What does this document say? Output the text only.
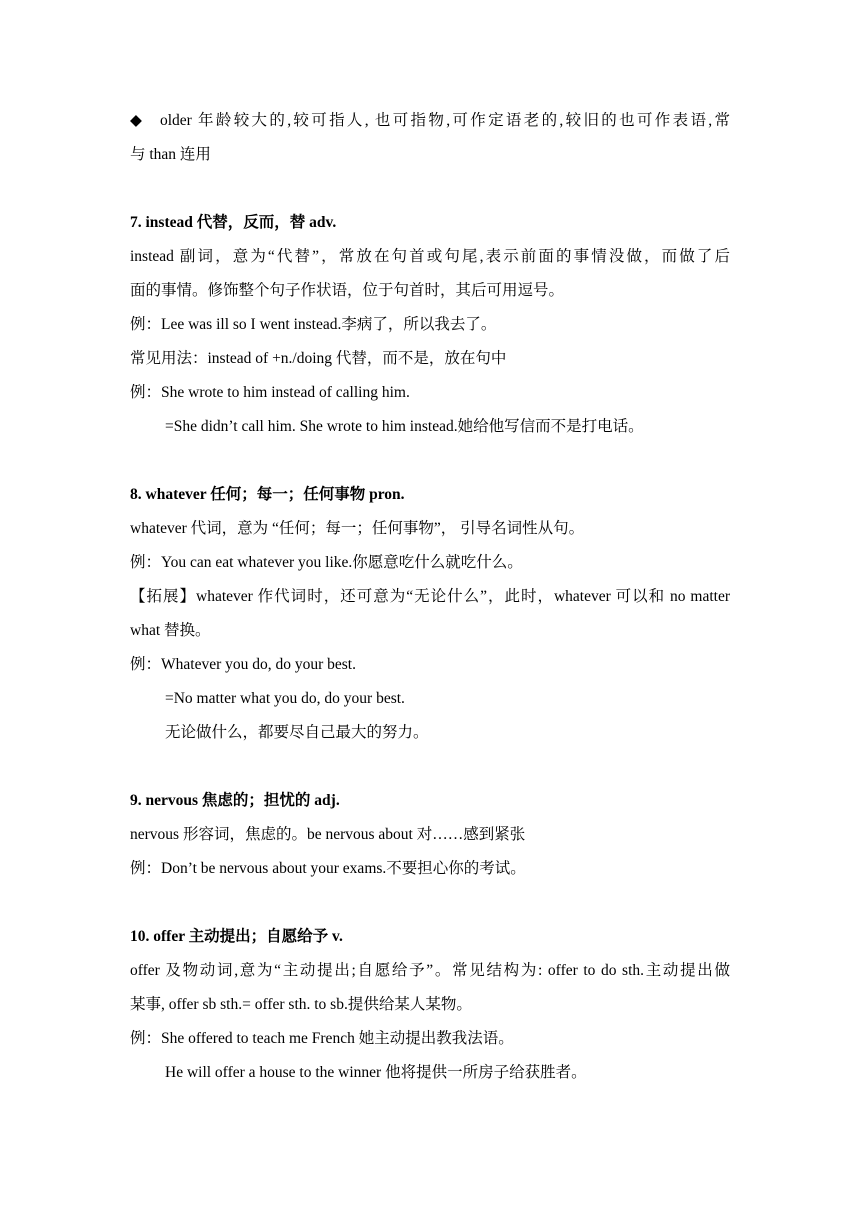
◆ older 年龄较大的,较可指人, 也可指物,可作定语老的,较旧的也可作表语,常
与 than 连用
7. instead 代替，反而，替 adv.
instead 副词，意为“代替”，常放在句首或句尾,表示前面的事情没做，而做了后
面的事情。修饰整个句子作状语，位于句首时，其后可用逗号。
例：Lee was ill so I went instead.李病了，所以我去了。
常见用法：instead of +n./doing 代替，而不是，放在句中
例：She wrote to him instead of calling him.
=She didn’t call him. She wrote to him instead.她给他写信而不是打电话。
8. whatever 任何；每一；任何事物 pron.
whatever 代词，意为 “任何；每一；任何事物”， 引导名词性从句。
例：You can eat whatever you like.你愿意吃什么就吃什么。
【拓展】whatever 作代词时，还可意为“无论什么”，此时，whatever 可以和 no matter
what 替换。
例：Whatever you do, do your best.
=No matter what you do, do your best.
无论做什么，都要尽自己最大的努力。
9. nervous 焦虑的；担忧的 adj.
nervous 形容词，焦虑的。be nervous about 对……感到紧张
例：Don’t be nervous about your exams.不要担心你的考试。
10. offer 主动提出；自愿给予 v.
offer 及物动词,意为“主动提出;自愿给予”。常见结构为: offer to do sth.主动提出做
某事, offer sb sth.= offer sth. to sb.提供给某人某物。
例：She offered to teach me French 她主动提出教我法语。
He will offer a house to the winner 他将提供一所房子给获胜者。
